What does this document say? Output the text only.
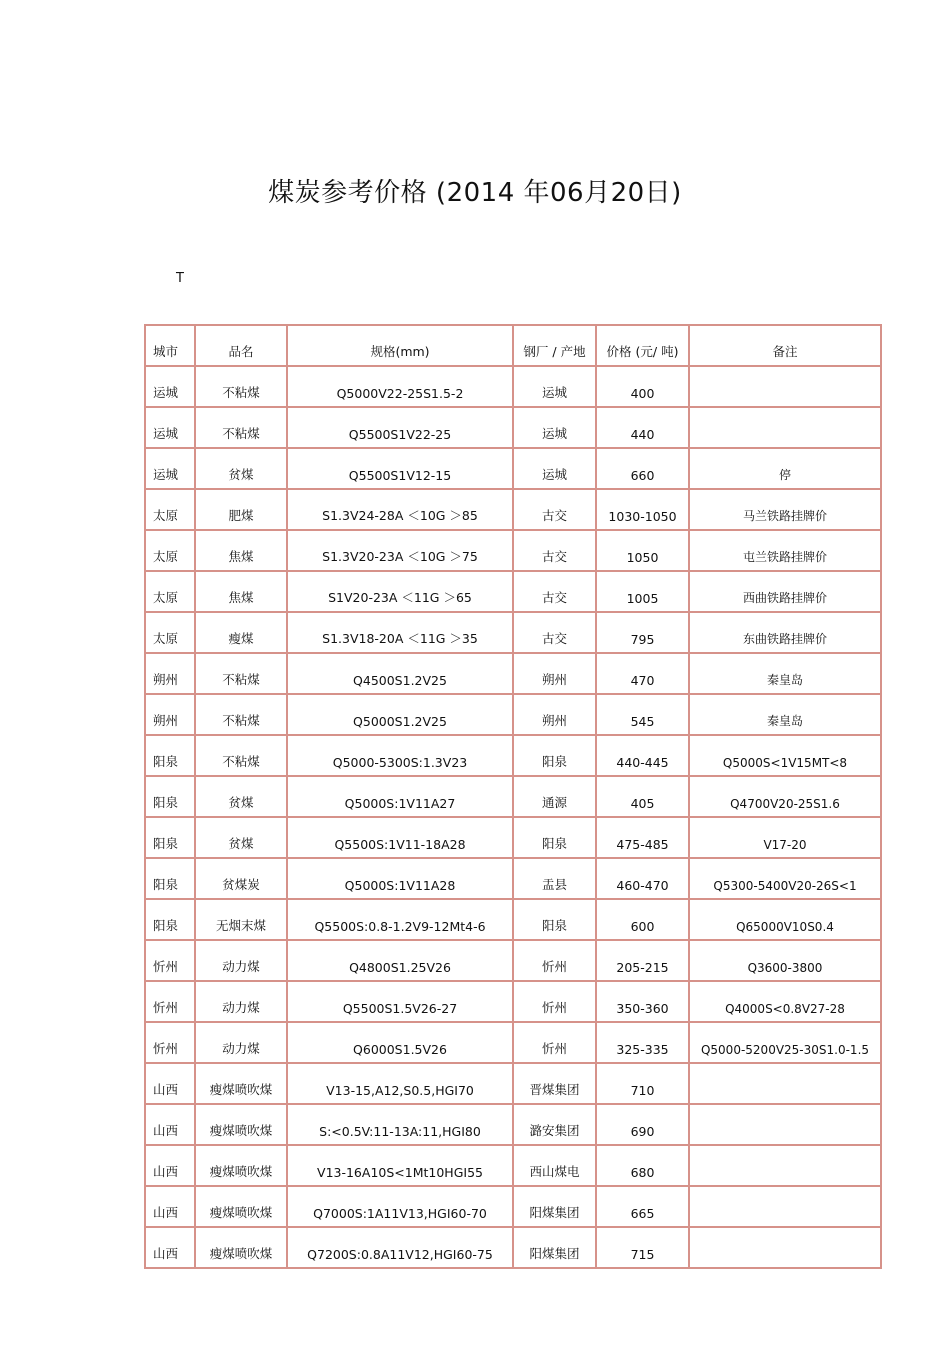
煤炭参考价格 (2014 年06月20日)
T
城市	品名	规格(mm)	钢厂 / 产地	价格 (元/ 吨)	备注
运城	不粘煤	Q5000V22-25S1.5-2	运城	400	
运城	不粘煤	Q5500S1V22-25	运城	440	
运城	贫煤	Q5500S1V12-15	运城	660	停
太原	肥煤	S1.3V24-28A ＜10G ＞85	古交	1030-1050	马兰铁路挂牌价
太原	焦煤	S1.3V20-23A ＜10G ＞75	古交	1050	屯兰铁路挂牌价
太原	焦煤	S1V20-23A ＜11G ＞65	古交	1005	西曲铁路挂牌价
太原	瘦煤	S1.3V18-20A ＜11G ＞35	古交	795	东曲铁路挂牌价
朔州	不粘煤	Q4500S1.2V25	朔州	470	秦皇岛
朔州	不粘煤	Q5000S1.2V25	朔州	545	秦皇岛
阳泉	不粘煤	Q5000-5300S:1.3V23	阳泉	440-445	Q5000S<1V15MT<8
阳泉	贫煤	Q5000S:1V11A27	通源	405	Q4700V20-25S1.6
阳泉	贫煤	Q5500S:1V11-18A28	阳泉	475-485	V17-20
阳泉	贫煤炭	Q5000S:1V11A28	盂县	460-470	Q5300-5400V20-26S<1
阳泉	无烟末煤	Q5500S:0.8-1.2V9-12Mt4-6	阳泉	600	Q65000V10S0.4
忻州	动力煤	Q4800S1.25V26	忻州	205-215	Q3600-3800
忻州	动力煤	Q5500S1.5V26-27	忻州	350-360	Q4000S<0.8V27-28
忻州	动力煤	Q6000S1.5V26	忻州	325-335	Q5000-5200V25-30S1.0-1.5
山西	瘦煤喷吹煤	V13-15,A12,S0.5,HGI70	晋煤集团	710	
山西	瘦煤喷吹煤	S:<0.5V:11-13A:11,HGI80	潞安集团	690	
山西	瘦煤喷吹煤	V13-16A10S<1Mt10HGI55	西山煤电	680	
山西	瘦煤喷吹煤	Q7000S:1A11V13,HGI60-70	阳煤集团	665	
山西	瘦煤喷吹煤	Q7200S:0.8A11V12,HGI60-75	阳煤集团	715	
